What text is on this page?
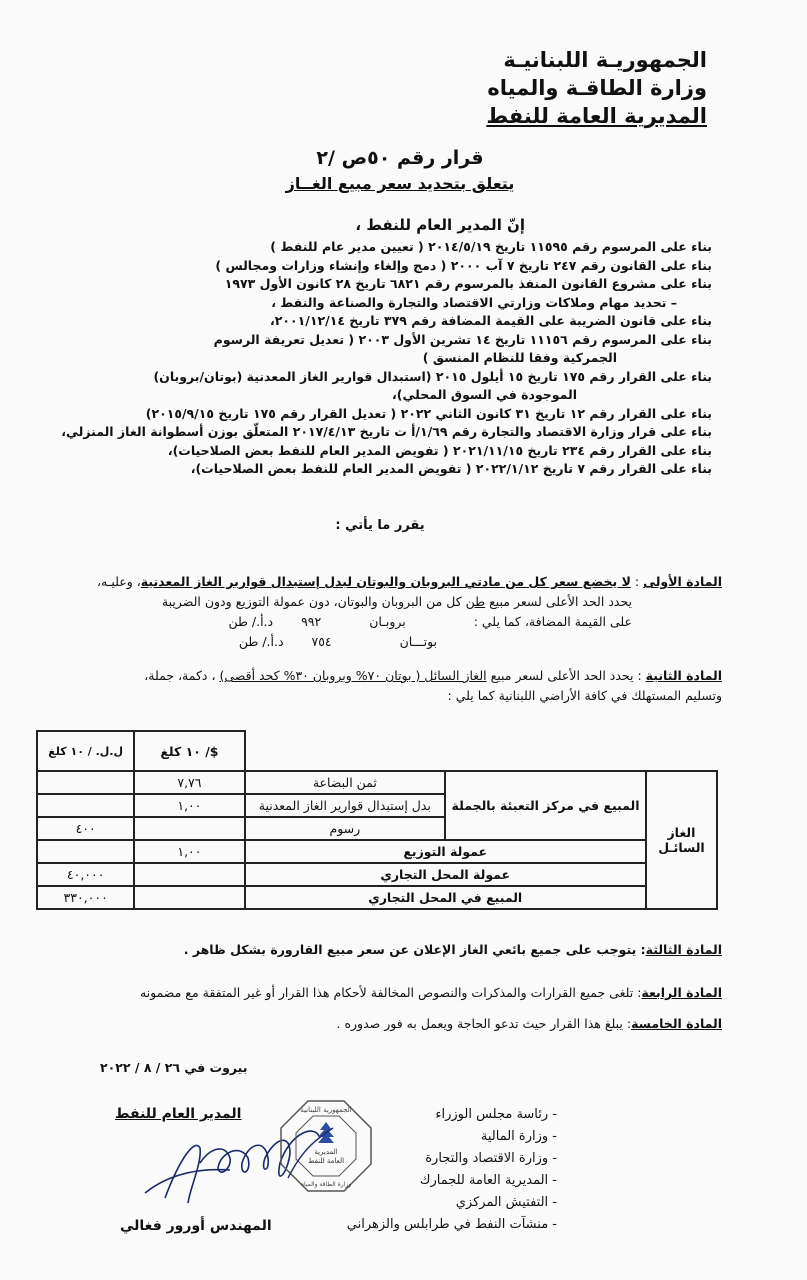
الجمهوريـة اللبنانيـة
وزارة الطاقـة والمياه
المديرية العامة للنفط
قرار رقم ٥٠ص /٢
يتعلق بتحديد سعر مبيع الغــاز
إنّ المدير العام للنفط ،
بناء على المرسوم رقم ١١٥٩٥ تاريخ ٢٠١٤/٥/١٩ ( تعيين مدير عام للنفط )
بناء على القانون رقم ٢٤٧ تاريخ ٧ آب ٢٠٠٠ ( دمج وإلغاء وإنشاء وزارات ومجالس )
بناء على مشروع القانون المنفذ بالمرسوم رقم ٦٨٢١ تاريخ ٢٨ كانون الأول ١٩٧٣
– تحديد مهام وملاكات وزارتي الاقتصاد والتجارة والصناعة والنفط ،
بناء على قانون الضريبة على القيمة المضافة رقم ٣٧٩ تاريخ ٢٠٠١/١٢/١٤،
بناء على المرسوم رقم ١١١٥٦ تاريخ ١٤ تشرين الأول ٢٠٠٣ ( تعديل تعريفة الرسوم
الجمركية وفقا للنظام المنسق )
بناء على القرار رقم ١٧٥ تاريخ ١٥ أيلول ٢٠١٥ (استبدال قوارير الغاز المعدنية (بوتان/بروبان)
الموجودة في السوق المحلي)،
بناء على القرار رقم ١٢ تاريخ ٣١ كانون الثاني ٢٠٢٢ ( تعديل القرار رقم ١٧٥ تاريخ ٢٠١٥/٩/١٥)
بناء على قرار وزارة الاقتصاد والتجارة رقم ١/٦٩/أ ت تاريخ ٢٠١٧/٤/١٣ المتعلّق بوزن أسطوانة الغاز المنزلي،
بناء على القرار رقم ٢٣٤ تاريخ ٢٠٢١/١١/١٥ ( تفويض المدير العام للنفط بعض الصلاحيات)،
بناء على القرار رقم ٧ تاريخ ٢٠٢٢/١/١٢ ( تفويض المدير العام للنفط بعض الصلاحيات)،
يقرر ما يأتي :
المادة الأولى : لا يخضع سعر كل من مادتي البروبان والبوتان لبدل إستبدال قوارير الغاز المعدنية، وعليـه،
يحدد الحد الأعلى لسعر مبيع طن كل من البروبان والبوتان، دون عمولة التوزيع ودون الضريبة
على القيمة المضافة، كما يلي :  بروبـان  ٩٩٢  د.أ./ طن
بوتـــان  ٧٥٤  د.أ./ طن
المادة الثانية : يحدد الحد الأعلى لسعر مبيع الغاز السائل ( بوتان ٧٠% وبروبان ٣٠% كحد أقصى) ، دكمة، جملة،
وتسليم المستهلك في كافة الأراضي اللبنانية كما يلي :
			$/ ١٠ كلغ	ل.ل. / ١٠ كلغ
الغاز السائـل	المبيع في مركز التعبئة بالجملة	ثمن البضاعة	٧,٧٦	
		بدل إستبدال قوارير الغاز المعدنية	١,٠٠	
		رسوم		٤٠٠
	عمولة التوزيع		١,٠٠	
	عمولة المحل التجاري			٤٠,٠٠٠
	المبيع في المحل التجاري			٣٣٠,٠٠٠
المادة الثالثة: يتوجب على جميع بائعي الغاز الإعلان عن سعر مبيع القارورة بشكل ظاهر .
المادة الرابعة: تلغى جميع القرارات والمذكرات والنصوص المخالفة لأحكام هذا القرار أو غير المتفقة مع مضمونه
المادة الخامسة: يبلغ هذا القرار حيث تدعو الحاجة ويعمل به فور صدوره .
بيروت في ٢٦ / ٨ / ٢٠٢٢
المدير العام للنفط	الجمهورية اللبنانية
المديرية
العامة للنفط
وزارة الطاقة والمياه
المهندس أورور فغالي
- رئاسة مجلس الوزراء
- وزارة المالية
- وزارة الاقتصاد والتجارة
- المديرية العامة للجمارك
- التفتيش المركزي
- منشآت النفط في طرابلس والزهراني
